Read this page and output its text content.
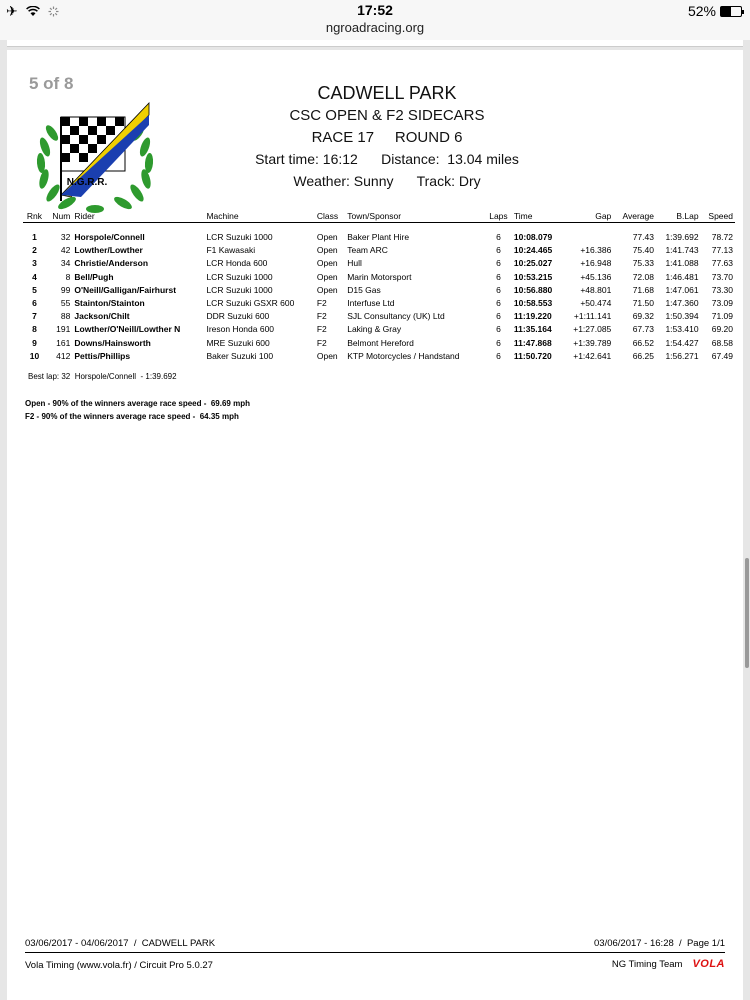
✈	17:52
ngroadracing.org
52%
5 of 8
N.G.R.R.
CADWELL PARK
CSC OPEN & F2 SIDECARS
RACE 17     ROUND 6
Start time: 16:12      Distance:  13.04 miles
Weather: Sunny      Track: Dry
Rnk	Num	Rider	Machine	Class	Town/Sponsor	Laps	Time	Gap	Average	B.Lap	Speed

1	32	Horspole/Connell	LCR Suzuki 1000	Open	Baker Plant Hire	6	10:08.079		77.43	1:39.692	78.72
2	42	Lowther/Lowther	F1 Kawasaki	Open	Team ARC	6	10:24.465	+16.386	75.40	1:41.743	77.13
3	34	Christie/Anderson	LCR Honda 600	Open	Hull	6	10:25.027	+16.948	75.33	1:41.088	77.63
4	8	Bell/Pugh	LCR Suzuki 1000	Open	Marin Motorsport	6	10:53.215	+45.136	72.08	1:46.481	73.70
5	99	O'Neill/Galligan/Fairhurst	LCR Suzuki 1000	Open	D15 Gas	6	10:56.880	+48.801	71.68	1:47.061	73.30
6	55	Stainton/Stainton	LCR Suzuki GSXR 600	F2	Interfuse Ltd	6	10:58.553	+50.474	71.50	1:47.360	73.09
7	88	Jackson/Chilt	DDR Suzuki 600	F2	SJL Consultancy (UK) Ltd	6	11:19.220	+1:11.141	69.32	1:50.394	71.09
8	191	Lowther/O'Neill/Lowther N	Ireson Honda 600	F2	Laking & Gray	6	11:35.164	+1:27.085	67.73	1:53.410	69.20
9	161	Downs/Hainsworth	MRE Suzuki 600	F2	Belmont Hereford	6	11:47.868	+1:39.789	66.52	1:54.427	68.58
10	412	Pettis/Phillips	Baker Suzuki 100	Open	KTP Motorcycles / Handstand	6	11:50.720	+1:42.641	66.25	1:56.271	67.49
Best lap: 32  Horspole/Connell  - 1:39.692
Open - 90% of the winners average race speed -  69.69 mph
F2 - 90% of the winners average race speed -  64.35 mph
03/06/2017 - 04/06/2017  /  CADWELL PARK	03/06/2017 - 16:28  /  Page 1/1
Vola Timing (www.vola.fr) / Circuit Pro 5.0.27	NG Timing Team VOLA
